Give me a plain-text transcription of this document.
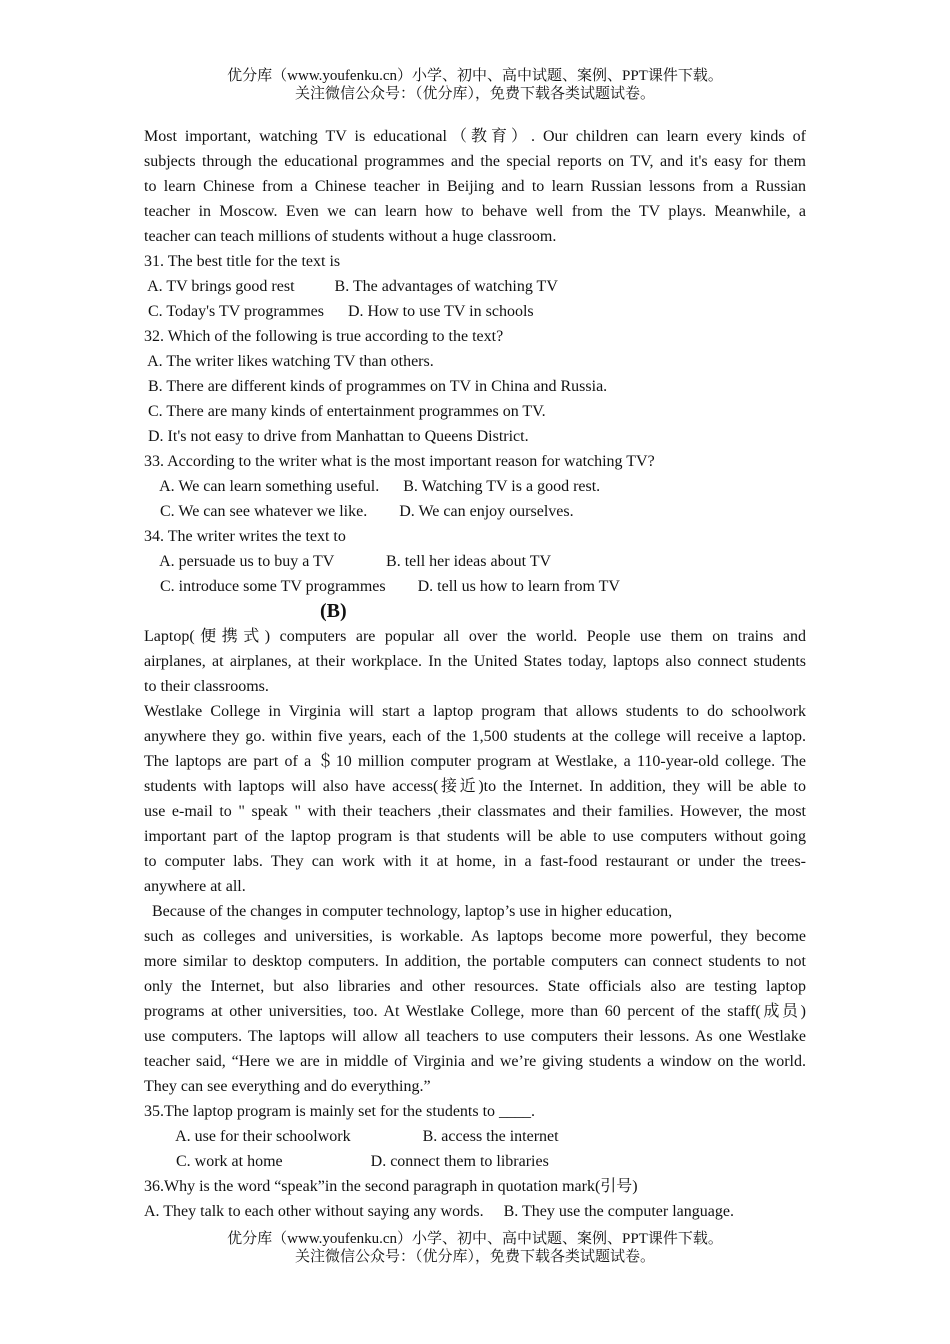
优分库（www.youfenku.cn）小学、初中、高中试题、案例、PPT课件下载。
关注微信公众号：（优分库），免费下载各类试题试卷。
Most important, watching TV is educational（教育）. Our children can learn every kinds of
subjects through the educational programmes and the special reports on TV, and it's easy for them
to learn Chinese from a Chinese teacher in Beijing and to learn Russian lessons from a Russian
teacher in Moscow. Even we can learn how to behave well from the TV plays. Meanwhile, a
teacher can teach millions of students without a huge classroom.
31. The best title for the text is
A. TV brings good rest          B. The advantages of watching TV
C. Today's TV programmes      D. How to use TV in schools
32. Which of the following is true according to the text?
A. The writer likes watching TV than others.
B. There are different kinds of programmes on TV in China and Russia.
C. There are many kinds of entertainment programmes on TV.
D. It's not easy to drive from Manhattan to Queens District.
33. According to the writer what is the most important reason for watching TV?
A. We can learn something useful.      B. Watching TV is a good rest.
C. We can see whatever we like.        D. We can enjoy ourselves.
34. The writer writes the text to
A. persuade us to buy a TV             B. tell her ideas about TV
C. introduce some TV programmes        D. tell us how to learn from TV
(B)
Laptop(便携式) computers are popular all over the world. People use them on trains and
airplanes, at airplanes, at their workplace. In the United States today, laptops also connect students
to their classrooms.
Westlake College in Virginia will start a laptop program that allows students to do schoolwork
anywhere they go. within five years, each of the 1,500 students at the college will receive a laptop.
The laptops are part of a ＄10 million computer program at Westlake, a 110-year-old college. The
students with laptops will also have access(接近)to the Internet. In addition, they will be able to
use e-mail to " speak " with their teachers ,their classmates and their families. However, the most
important part of the laptop program is that students will be able to use computers without going
to computer labs. They can work with it at home, in a fast-food restaurant or under the trees-
anywhere at all.
Because of the changes in computer technology, laptop’s use in higher education,
such as colleges and universities, is workable. As laptops become more powerful, they become
more similar to desktop computers. In addition, the portable computers can connect students to not
only the Internet, but also libraries and other resources. State officials also are testing laptop
programs at other universities, too. At Westlake College, more than 60 percent of the staff(成员)
use computers. The laptops will allow all teachers to use computers their lessons. As one Westlake
teacher said, “Here we are in middle of Virginia and we’re giving students a window on the world.
They can see everything and do everything.”
35.The laptop program is mainly set for the students to ____.
A. use for their schoolwork                  B. access the internet
C. work at home                      D. connect them to libraries
36.Why is the word “speak”in the second paragraph in quotation mark(引号)
A. They talk to each other without saying any words.     B. They use the computer language.
优分库（www.youfenku.cn）小学、初中、高中试题、案例、PPT课件下载。
关注微信公众号：（优分库），免费下载各类试题试卷。
